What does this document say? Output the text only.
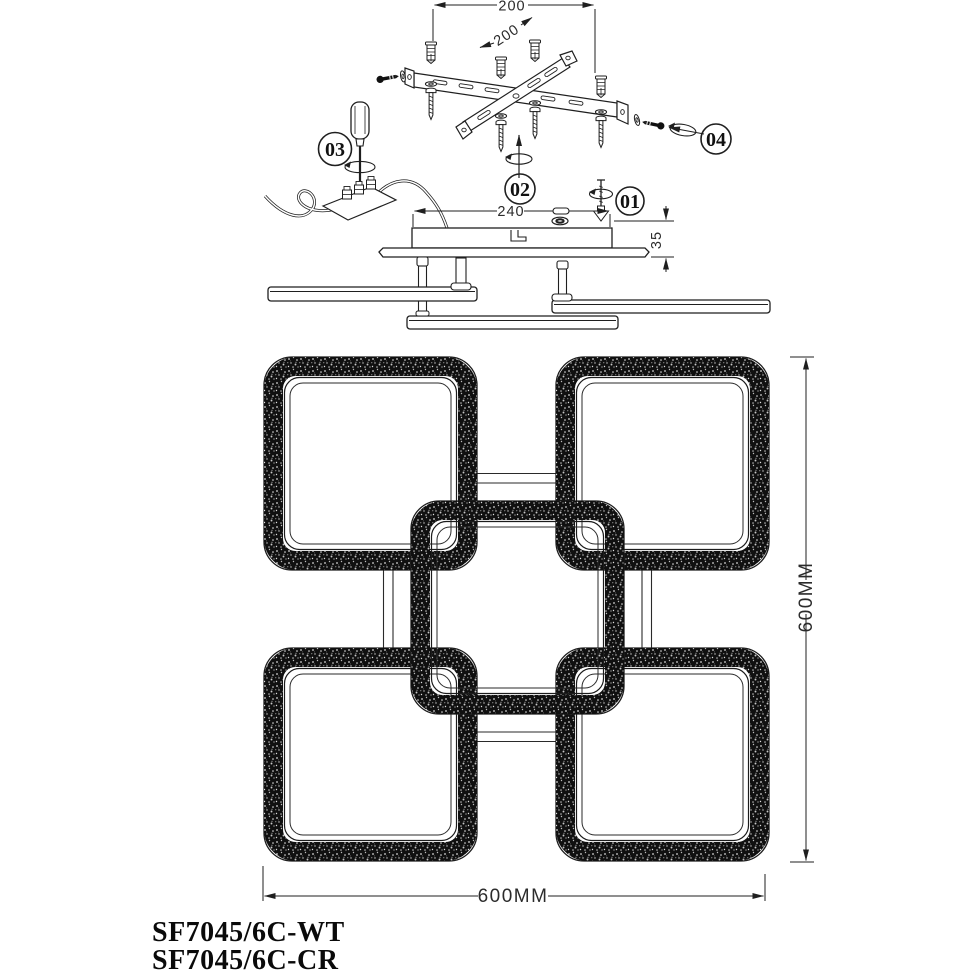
200
200
04
02
01
03
240
35
600MM
600MM
SF7045/6C-WT
SF7045/6C-CR
